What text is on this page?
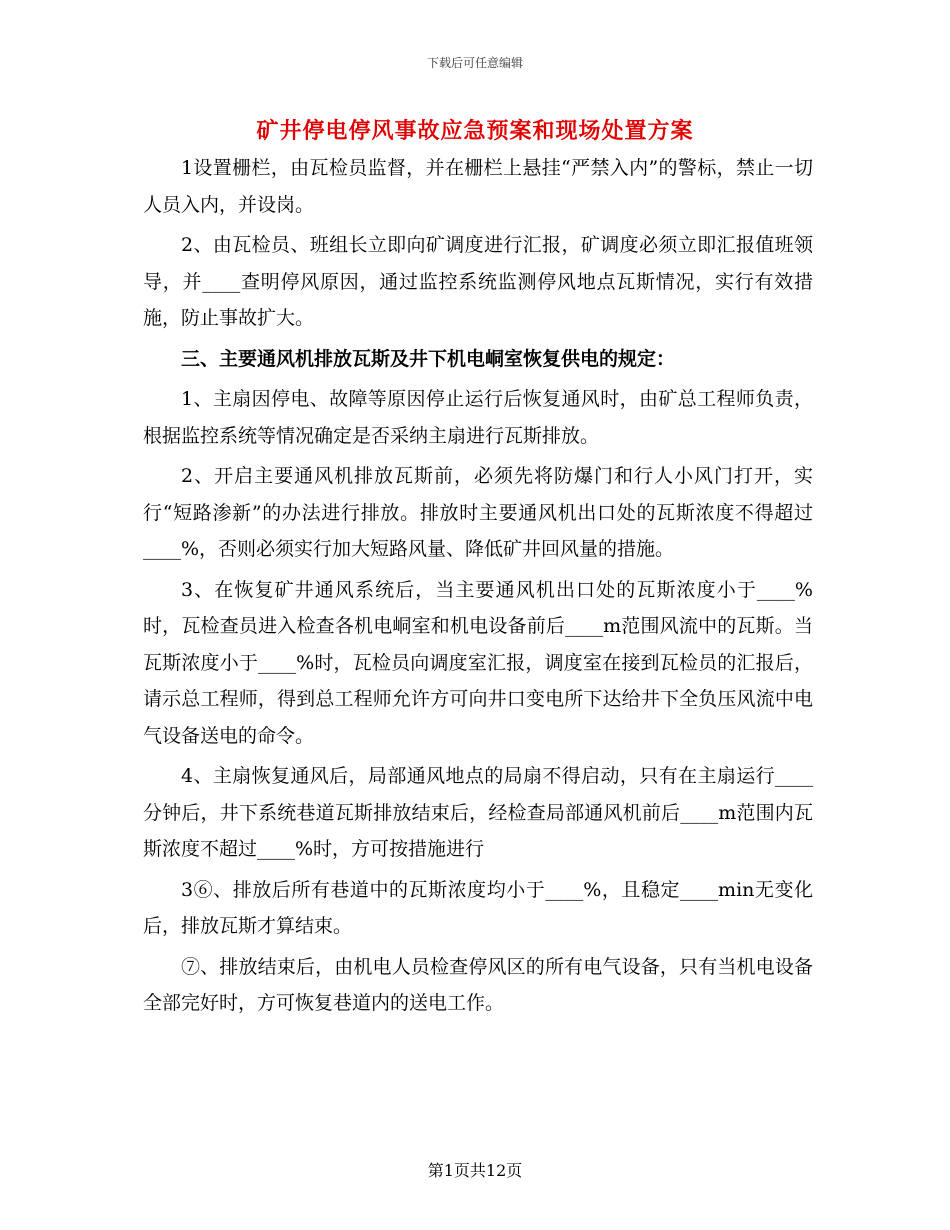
下载后可任意编辑
矿井停电停风事故应急预案和现场处置方案

1设置栅栏，由瓦检员监督，并在栅栏上悬挂“严禁入内”的警标，禁止一切人员入内，并设岗。

2、由瓦检员、班组长立即向矿调度进行汇报，矿调度必须立即汇报值班领导，并____查明停风原因，通过监控系统监测停风地点瓦斯情况，实行有效措施，防止事故扩大。

三、主要通风机排放瓦斯及井下机电峒室恢复供电的规定：

1、主扇因停电、故障等原因停止运行后恢复通风时，由矿总工程师负责，根据监控系统等情况确定是否采纳主扇进行瓦斯排放。

2、开启主要通风机排放瓦斯前，必须先将防爆门和行人小风门打开，实行“短路渗新”的办法进行排放。排放时主要通风机出口处的瓦斯浓度不得超过____%，否则必须实行加大短路风量、降低矿井回风量的措施。

3、在恢复矿井通风系统后，当主要通风机出口处的瓦斯浓度小于____%时，瓦检查员进入检查各机电峒室和机电设备前后____m范围风流中的瓦斯。当瓦斯浓度小于____%时，瓦检员向调度室汇报，调度室在接到瓦检员的汇报后，请示总工程师，得到总工程师允许方可向井口变电所下达给井下全负压风流中电气设备送电的命令。

4、主扇恢复通风后，局部通风地点的局扇不得启动，只有在主扇运行____分钟后，井下系统巷道瓦斯排放结束后，经检查局部通风机前后____m范围内瓦斯浓度不超过____%时，方可按措施进行

3⑥、排放后所有巷道中的瓦斯浓度均小于____%，且稳定____min无变化后，排放瓦斯才算结束。

⑦、排放结束后，由机电人员检查停风区的所有电气设备，只有当机电设备全部完好时，方可恢复巷道内的送电工作。

第1页共12页
